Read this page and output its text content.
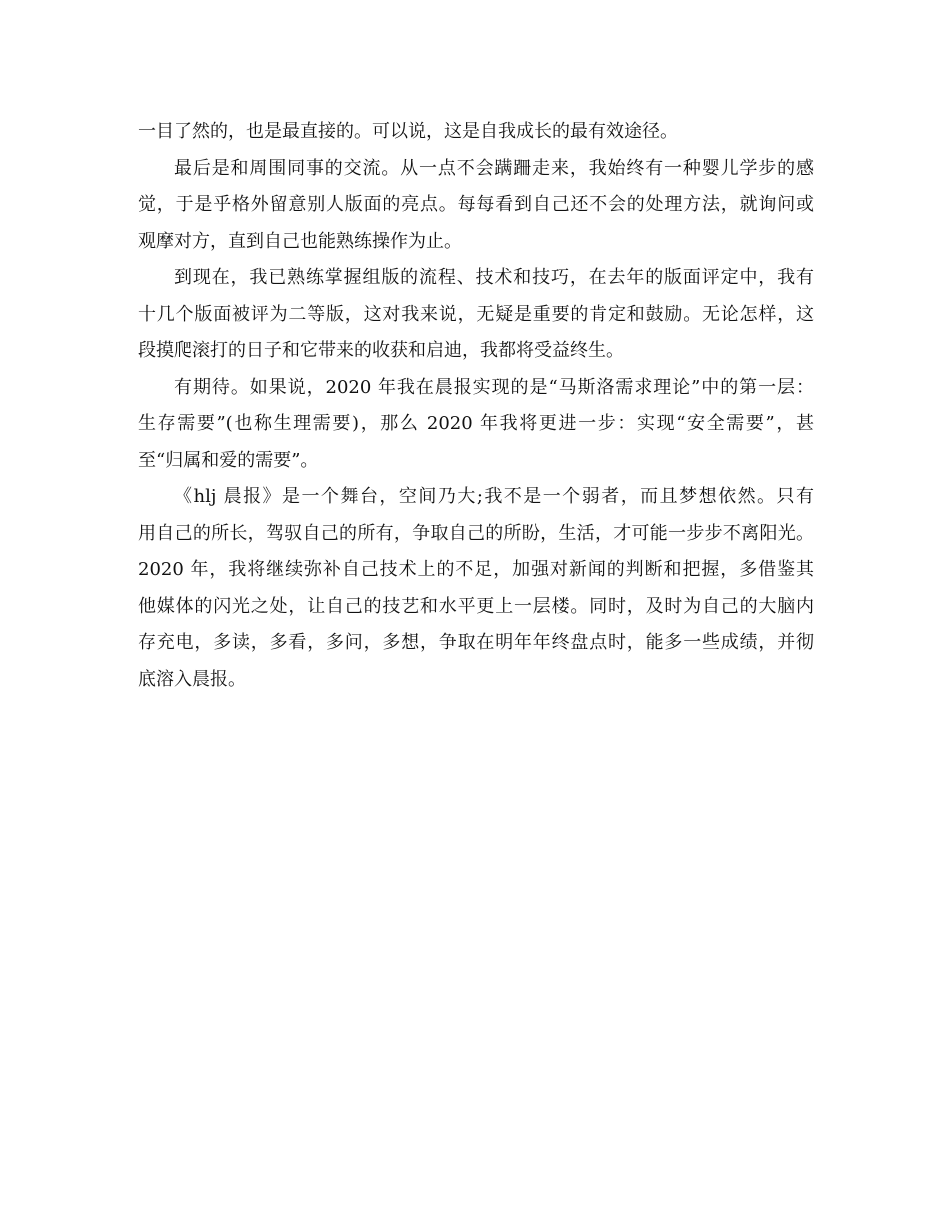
一目了然的，也是最直接的。可以说，这是自我成长的最有效途径。
最后是和周围同事的交流。从一点不会蹒跚走来，我始终有一种婴儿学步的感
觉，于是乎格外留意别人版面的亮点。每每看到自己还不会的处理方法，就询问或
观摩对方，直到自己也能熟练操作为止。
到现在，我已熟练掌握组版的流程、技术和技巧，在去年的版面评定中，我有
十几个版面被评为二等版，这对我来说，无疑是重要的肯定和鼓励。无论怎样，这
段摸爬滚打的日子和它带来的收获和启迪，我都将受益终生。
有期待。如果说，2020 年我在晨报实现的是“马斯洛需求理论”中的第一层：
生存需要”(也称生理需要)，那么 2020 年我将更进一步：实现“安全需要”，甚
至“归属和爱的需要”。
《hlj 晨报》是一个舞台，空间乃大;我不是一个弱者，而且梦想依然。只有
用自己的所长，驾驭自己的所有，争取自己的所盼，生活，才可能一步步不离阳光。
2020 年，我将继续弥补自己技术上的不足，加强对新闻的判断和把握，多借鉴其
他媒体的闪光之处，让自己的技艺和水平更上一层楼。同时，及时为自己的大脑内
存充电，多读，多看，多问，多想，争取在明年年终盘点时，能多一些成绩，并彻
底溶入晨报。
